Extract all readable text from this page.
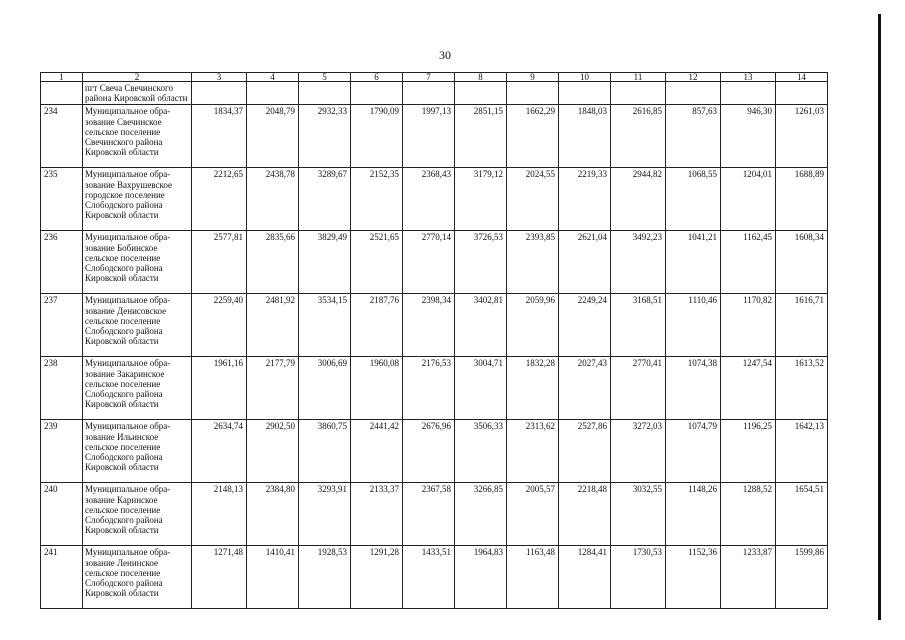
30
1	2	3	4	5	6	7	8	9	10	11	12	13	14
	пгт Свеча Свечинского
района Кировской области												
234	Муниципальное обра-
зование Свечинское
сельское поселение
Свечинского района
Кировской области	1834,37	2048,79	2932,33	1790,09	1997,13	2851,15	1662,29	1848,03	2616,85	857,63	946,30	1261,03
235	Муниципальное обра-
зование Вахрушевское
городское поселение
Слободского района
Кировской области	2212,65	2438,78	3289,67	2152,35	2368,43	3179,12	2024,55	2219,33	2944,82	1068,55	1204,01	1688,89
236	Муниципальное обра-
зование Бобинское
сельское поселение
Слободского района
Кировской области	2577,81	2835,66	3829,49	2521,65	2770,14	3726,53	2393,85	2621,04	3492,23	1041,21	1162,45	1608,34
237	Муниципальное обра-
зование Денисовское
сельское поселение
Слободского района
Кировской области	2259,40	2481,92	3534,15	2187,76	2398,34	3402,81	2059,96	2249,24	3168,51	1110,46	1170,82	1616,71
238	Муниципальное обра-
зование Закаринское
сельское поселение
Слободского района
Кировской области	1961,16	2177,79	3006,69	1960,08	2176,53	3004,71	1832,28	2027,43	2770,41	1074,38	1247,54	1613,52
239	Муниципальное обра-
зование Ильинское
сельское поселение
Слободского района
Кировской области	2634,74	2902,50	3860,75	2441,42	2676,96	3506,33	2313,62	2527,86	3272,03	1074,79	1196,25	1642,13
240	Муниципальное обра-
зование Каринское
сельское поселение
Слободского района
Кировской области	2148,13	2384,80	3293,91	2133,37	2367,58	3266,85	2005,57	2218,48	3032,55	1148,26	1288,52	1654,51
241	Муниципальное обра-
зование Ленинское
сельское поселение
Слободского района
Кировской области	1271,48	1410,41	1928,53	1291,28	1433,51	1964,83	1163,48	1284,41	1730,53	1152,36	1233,87	1599,86
